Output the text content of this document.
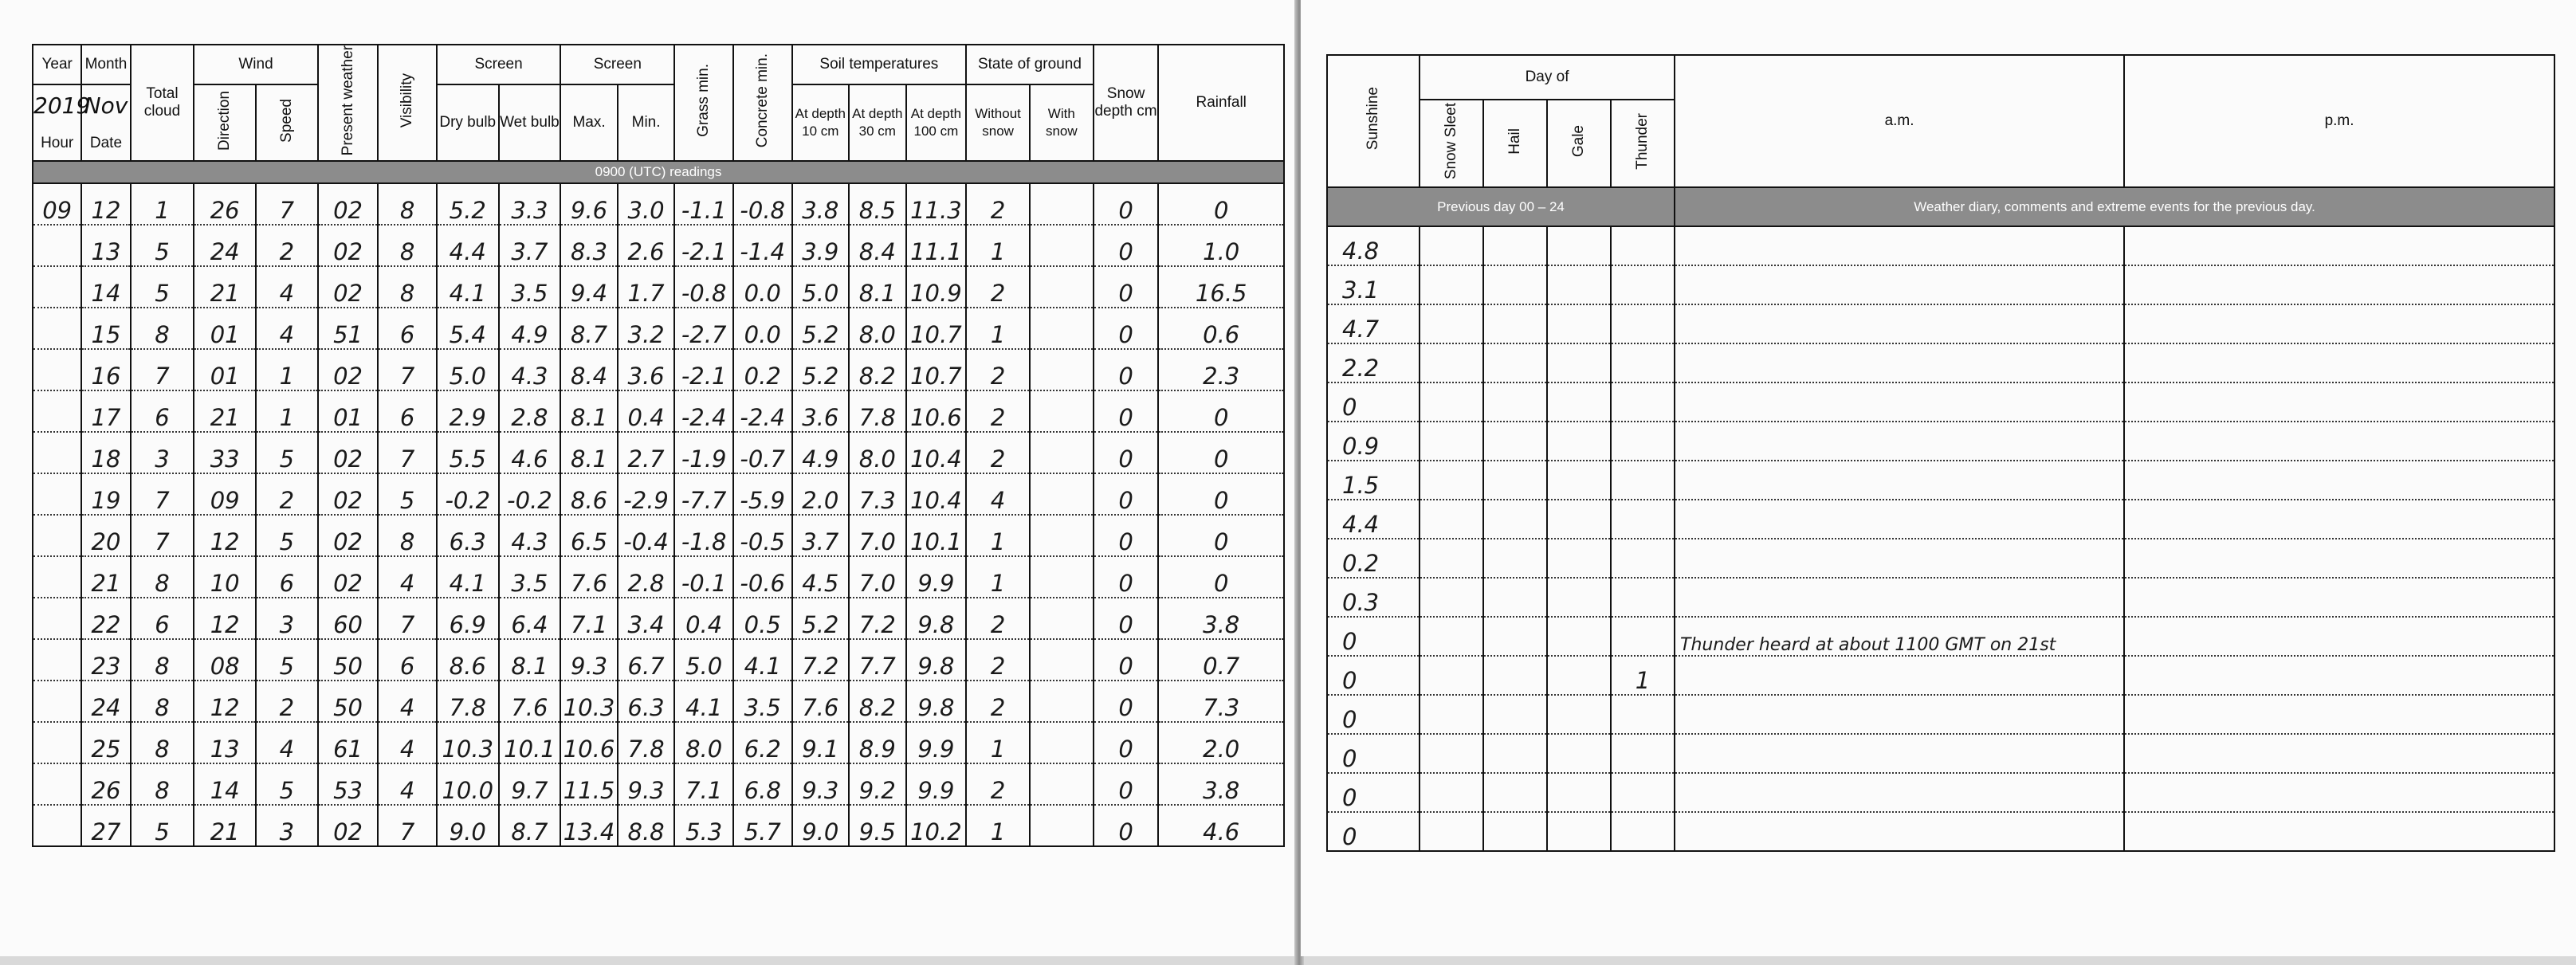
Year	Month	Total cloud	Wind		Present weather	Visibility	Screen		Screen		Grass min.	Concrete min.	Soil temperatures			State of ground		Snow depth cm	Rainfall
2019	Nov		Direction	Speed			Dry bulb	Wet bulb	Max.	Min.			At depth 10 cm	At depth 30 cm	At depth 100 cm	Without snow	With snow		
Hour	Date																		
0900 (UTC) readings																			
09	12	1	26	7	02	8	5.2	3.3	9.6	3.0	-1.1	-0.8	3.8	8.5	11.3	2		0	0
	13	5	24	2	02	8	4.4	3.7	8.3	2.6	-2.1	-1.4	3.9	8.4	11.1	1		0	1.0
	14	5	21	4	02	8	4.1	3.5	9.4	1.7	-0.8	0.0	5.0	8.1	10.9	2		0	16.5
	15	8	01	4	51	6	5.4	4.9	8.7	3.2	-2.7	0.0	5.2	8.0	10.7	1		0	0.6
	16	7	01	1	02	7	5.0	4.3	8.4	3.6	-2.1	0.2	5.2	8.2	10.7	2		0	2.3
	17	6	21	1	01	6	2.9	2.8	8.1	0.4	-2.4	-2.4	3.6	7.8	10.6	2		0	0
	18	3	33	5	02	7	5.5	4.6	8.1	2.7	-1.9	-0.7	4.9	8.0	10.4	2		0	0
	19	7	09	2	02	5	-0.2	-0.2	8.6	-2.9	-7.7	-5.9	2.0	7.3	10.4	4		0	0
	20	7	12	5	02	8	6.3	4.3	6.5	-0.4	-1.8	-0.5	3.7	7.0	10.1	1		0	0
	21	8	10	6	02	4	4.1	3.5	7.6	2.8	-0.1	-0.6	4.5	7.0	9.9	1		0	0
	22	6	12	3	60	7	6.9	6.4	7.1	3.4	0.4	0.5	5.2	7.2	9.8	2		0	3.8
	23	8	08	5	50	6	8.6	8.1	9.3	6.7	5.0	4.1	7.2	7.7	9.8	2		0	0.7
	24	8	12	2	50	4	7.8	7.6	10.3	6.3	4.1	3.5	7.6	8.2	9.8	2		0	7.3
	25	8	13	4	61	4	10.3	10.1	10.6	7.8	8.0	6.2	9.1	8.9	9.9	1		0	2.0
	26	8	14	5	53	4	10.0	9.7	11.5	9.3	7.1	6.8	9.3	9.2	9.9	2		0	3.8
	27	5	21	3	02	7	9.0	8.7	13.4	8.8	5.3	5.7	9.0	9.5	10.2	1		0	4.6
Sunshine	Day of				a.m.	p.m.
	Snow Sleet	Hail	Gale	Thunder		
Previous day 00 – 24					Weather diary, comments and extreme events for the previous day.	
4.8						
3.1						
4.7						
2.2						
0						
0.9						
1.5						
4.4						
0.2						
0.3						
0					Thunder heard at about 1100 GMT on 21st	
0				1		
0						
0						
0						
0						
